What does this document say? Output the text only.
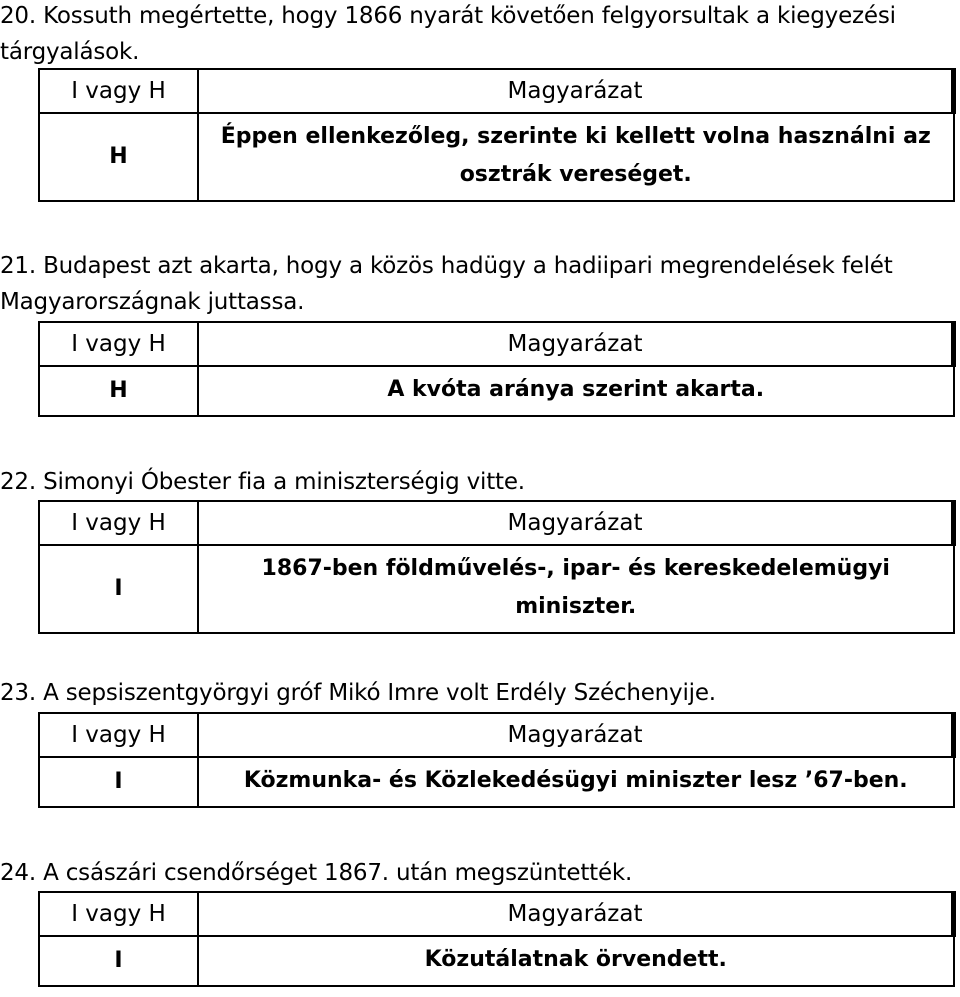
20. Kossuth megértette, hogy 1866 nyarát követően felgyorsultak a kiegyezési tárgyalások.
I vagy H	Magyarázat
H	Éppen ellenkezőleg, szerinte ki kellett volna használni az osztrák vereséget.
21. Budapest azt akarta, hogy a közös hadügy a hadiipari megrendelések felét Magyarországnak juttassa.
I vagy H	Magyarázat
H	A kvóta aránya szerint akarta.
22. Simonyi Óbester fia a miniszterségig vitte.
I vagy H	Magyarázat
I	1867-ben földművelés-, ipar- és kereskedelemügyi miniszter.
23. A sepsiszentgyörgyi gróf Mikó Imre volt Erdély Széchenyije.
I vagy H	Magyarázat
I	Közmunka- és Közlekedésügyi miniszter lesz ’67-ben.
24. A császári csendőrséget 1867. után megszüntették.
I vagy H	Magyarázat
I	Közutálatnak örvendett.
